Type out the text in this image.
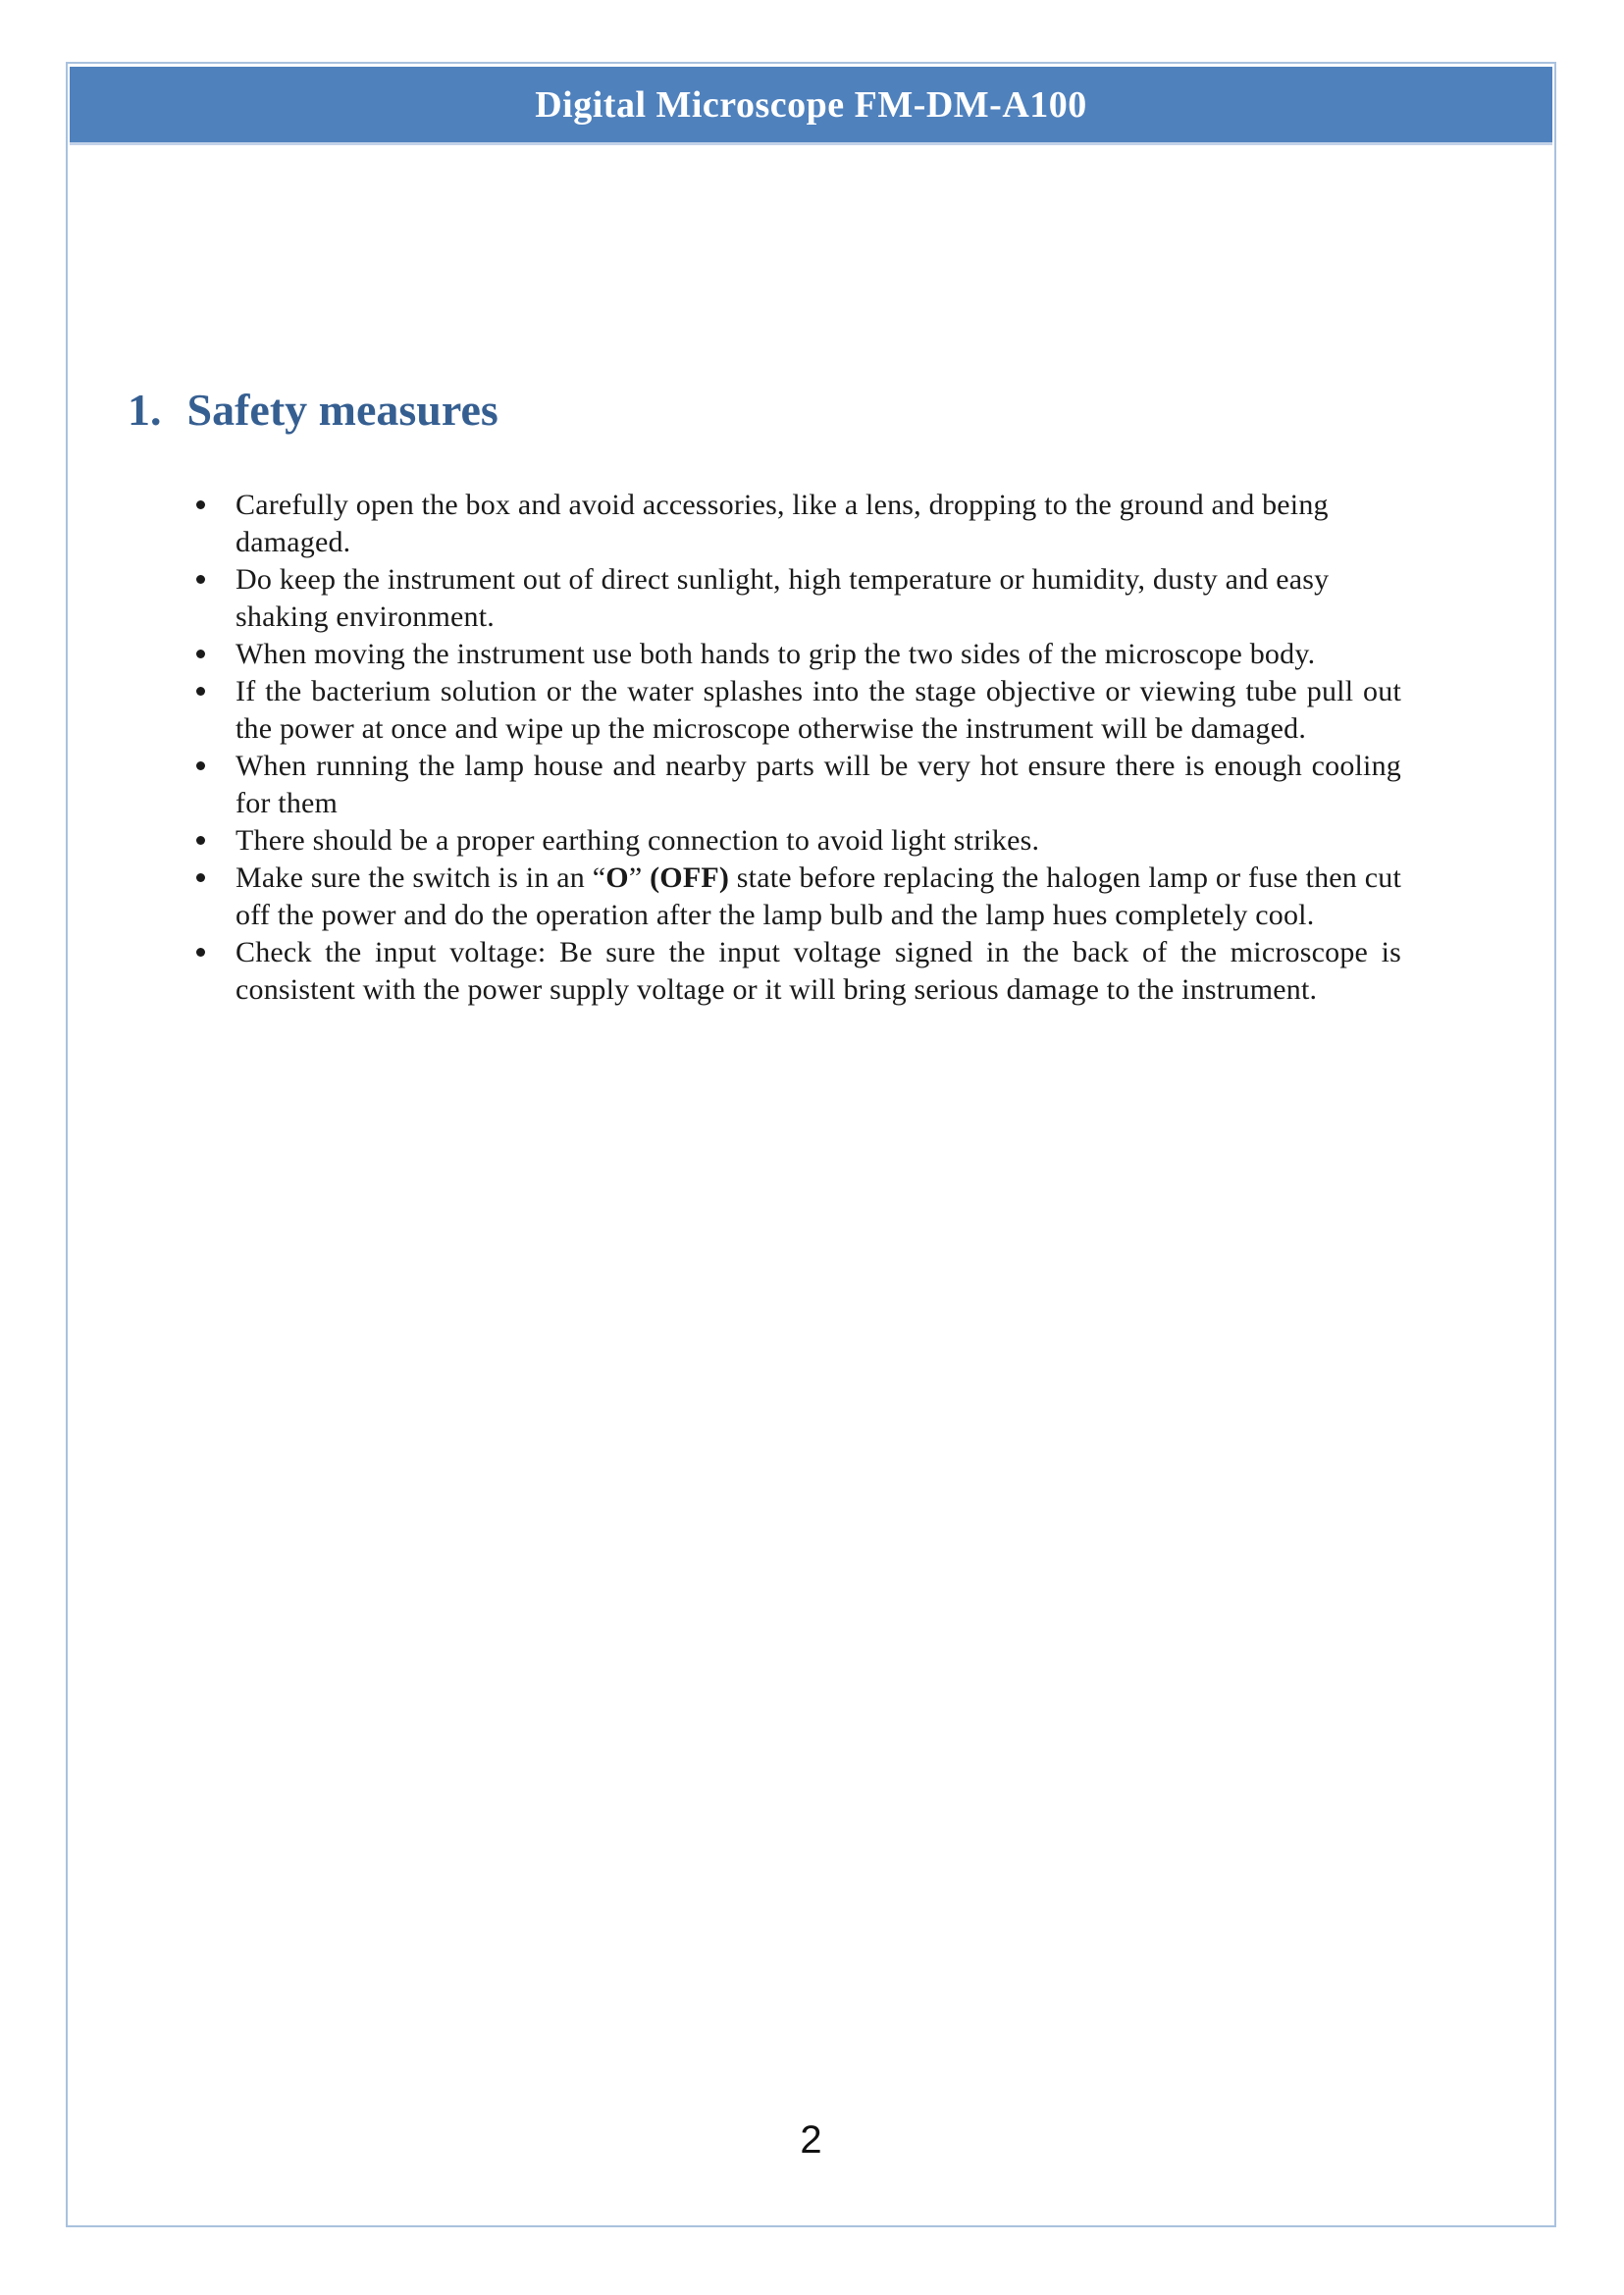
Digital Microscope FM-DM-A100
1. Safety measures
Carefully open the box and avoid accessories, like a lens, dropping to the ground and being damaged.
Do keep the instrument out of direct sunlight, high temperature or humidity, dusty and easy shaking environment.
When moving the instrument use both hands to grip the two sides of the microscope body.
If the bacterium solution or the water splashes into the stage objective or viewing tube pull out the power at once and wipe up the microscope otherwise the instrument will be damaged.
When running the lamp house and nearby parts will be very hot ensure there is enough cooling for them
There should be a proper earthing connection to avoid light strikes.
Make sure the switch is in an “O” (OFF) state before replacing the halogen lamp or fuse then cut off the power and do the operation after the lamp bulb and the lamp hues completely cool.
Check the input voltage: Be sure the input voltage signed in the back of the microscope is consistent with the power supply voltage or it will bring serious damage to the instrument.
2
